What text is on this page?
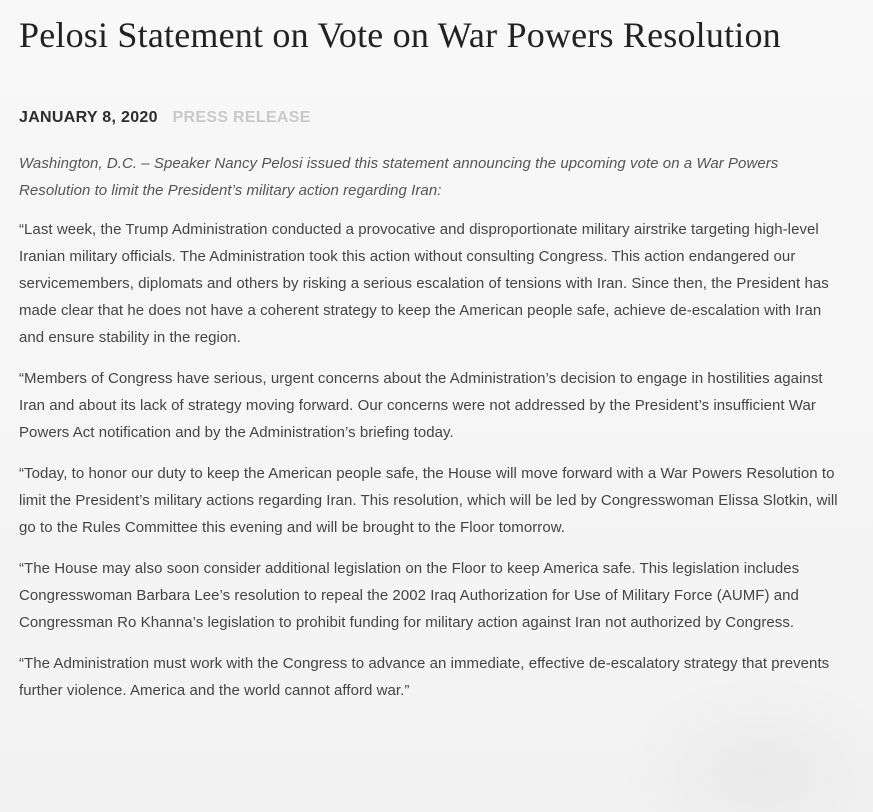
Pelosi Statement on Vote on War Powers Resolution
JANUARY 8, 2020 PRESS RELEASE

Washington, D.C. – Speaker Nancy Pelosi issued this statement announcing the upcoming vote on a War Powers Resolution to limit the President’s military action regarding Iran:

“Last week, the Trump Administration conducted a provocative and disproportionate military airstrike targeting high-level Iranian military officials. The Administration took this action without consulting Congress. This action endangered our servicemembers, diplomats and others by risking a serious escalation of tensions with Iran. Since then, the President has made clear that he does not have a coherent strategy to keep the American people safe, achieve de-escalation with Iran and ensure stability in the region.

“Members of Congress have serious, urgent concerns about the Administration’s decision to engage in hostilities against Iran and about its lack of strategy moving forward. Our concerns were not addressed by the President’s insufficient War Powers Act notification and by the Administration’s briefing today.

“Today, to honor our duty to keep the American people safe, the House will move forward with a War Powers Resolution to limit the President’s military actions regarding Iran. This resolution, which will be led by Congresswoman Elissa Slotkin, will go to the Rules Committee this evening and will be brought to the Floor tomorrow.

“The House may also soon consider additional legislation on the Floor to keep America safe. This legislation includes Congresswoman Barbara Lee’s resolution to repeal the 2002 Iraq Authorization for Use of Military Force (AUMF) and Congressman Ro Khanna’s legislation to prohibit funding for military action against Iran not authorized by Congress.

“The Administration must work with the Congress to advance an immediate, effective de-escalatory strategy that prevents further violence. America and the world cannot afford war.”
